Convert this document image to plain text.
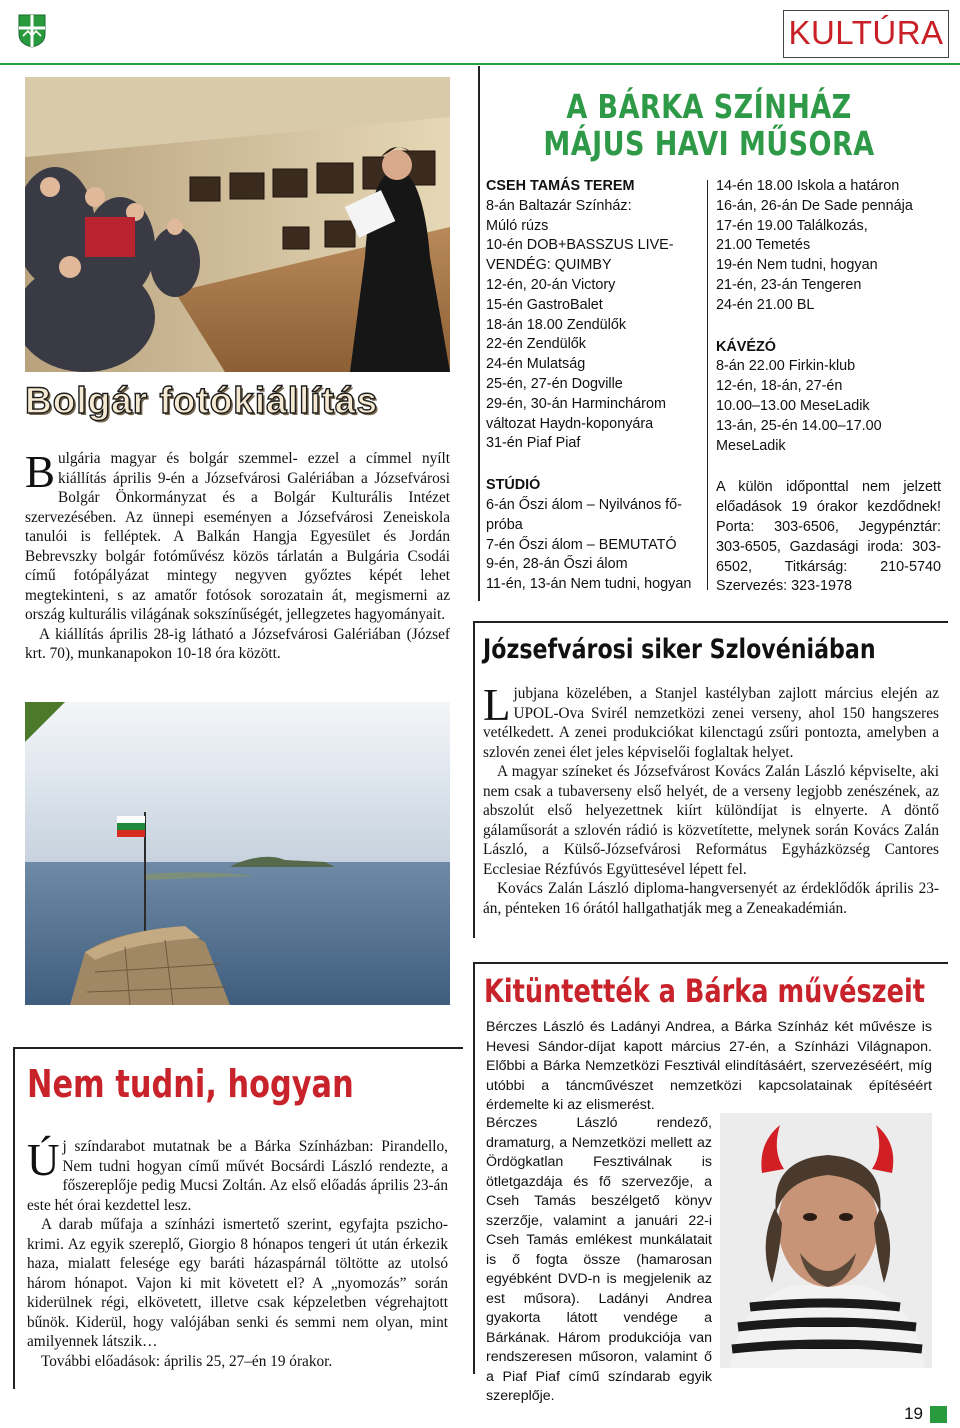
KULTÚRA
Bolgár fotókiállítás
B ulgária magyar és bolgár szemmel- ezzel a címmel nyílt kiállítás április 9-én a Józsefvárosi Galériában a Józsefvárosi Bolgár Önkormányzat és a Bolgár Kulturális Intézet szervezésében. Az ünnepi eseményen a Józsefvárosi Zeneiskola tanulói is felléptek. A Balkán Hangja Egyesület és Jordán Bebrevszky bolgár fotóművész közös tárlatán a Bulgária Csodái című fotópályázat mintegy negyven győztes képét lehet megtekinteni, s az amatőr fotósok sorozatain át, megismerni az ország kulturális világának sokszínűségét, jellegzetes hagyományait.
A kiállítás április 28-ig látható a Józsefvárosi Galériában (József krt. 70), munkanapokon 10-18 óra között.
A BÁRKA SZÍNHÁZ
MÁJUS HAVI MŰSORA
CSEH TAMÁS TEREM
8-án Baltazár Színház:
Múló rúzs
10-én DOB+BASSZUS LIVE-
VENDÉG: QUIMBY
12-én, 20-án Victory
15-én GastroBalet
18-án 18.00 Zendülők
22-én Zendülők
24-én Mulatság
25-én, 27-én Dogville
29-én, 30-án Harminchárom
változat Haydn-koponyára
31-én Piaf Piaf
STÚDIÓ
6-án Őszi álom – Nyilvános fő-
próba
7-én Őszi álom – BEMUTATÓ
9-én, 28-án Őszi álom
11-én, 13-án Nem tudni, hogyan
14-én 18.00 Iskola a határon
16-án, 26-án De Sade pennája
17-én 19.00 Találkozás,
21.00 Temetés
19-én Nem tudni, hogyan
21-én, 23-án Tengeren
24-én 21.00 BL
KÁVÉZÓ
8-án 22.00 Firkin-klub
12-én, 18-án, 27-én
10.00–13.00 MeseLadik
13-án, 25-én 14.00–17.00
MeseLadik
A külön időponttal nem jelzett előadások 19 órakor kezdődnek! Porta: 303-6506, Jegypénztár: 303-6505, Gazdasági iroda: 303-6502, Titkárság: 210-5740 Szervezés: 323-1978
Józsefvárosi siker Szlovéniában
L jubjana közelében, a Stanjel kastélyban zajlott március elején az UPOL-Ova Svirél nemzetközi zenei verseny, ahol 150 hangszeres vetélkedett. A zenei produkciókat kilenctagú zsűri pontozta, amelyben a szlovén zenei élet jeles képviselői foglaltak helyet.
A magyar színeket és Józsefvárost Kovács Zalán László képviselte, aki nem csak a tubaverseny első helyét, de a verseny legjobb zenészének, az abszolút első helyezettnek kiírt különdíjat is elnyerte. A döntő gálaműsorát a szlovén rádió is közvetítette, melynek során Kovács Zalán László, a Külső-Józsefvárosi Református Egyházközség Cantores Ecclesiae Rézfúvós Együttesével lépett fel.
Kovács Zalán László diploma-hangversenyét az érdeklődők április 23-án, pénteken 16 órától hallgathatják meg a Zeneakadémián.
Nem tudni, hogyan
Ú j színdarabot mutatnak be a Bárka Színházban: Pirandello, Nem tudni hogyan című művét Bocsárdi László rendezte, a főszereplője pedig Mucsi Zoltán. Az első előadás április 23-án este hét órai kezdettel lesz.
A darab műfaja a színházi ismertető szerint, egyfajta pszicho-krimi. Az egyik szereplő, Giorgio 8 hónapos tengeri út után érkezik haza, mialatt felesége egy baráti házaspárnál töltötte az utolsó három hónapot. Vajon ki mit követett el? A „nyomozás” során kiderülnek régi, elkövetett, illetve csak képzeletben végrehajtott bűnök. Kiderül, hogy valójában senki és semmi nem olyan, mint amilyennek látszik…
További előadások: április 25, 27–én 19 órakor.
Kitüntették a Bárka művészeit
Bérczes László és Ladányi Andrea, a Bárka Színház két művésze is Hevesi Sándor-díjat kapott március 27-én, a Színházi Világnapon. Előbbi a Bárka Nemzetközi Fesztivál elindításáért, szervezéséért, míg utóbbi a táncművészet nemzetközi kapcsolatainak építéséért érdemelte ki az elismerést.
Bérczes László rendező, dramaturg, a Nemzetközi mellett az Ördögkatlan Fesztiválnak is ötletgazdája és fő szervezője, a Cseh Tamás beszélgető könyv szerzője, valamint a januári 22-i Cseh Tamás emlékest munkálatait is ő fogta össze (hamarosan egyébként DVD-n is megjelenik az est műsora). Ladányi Andrea gyakorta látott vendége a Bárkának. Három produkciója van rendszeresen műsoron, valamint ő a Piaf Piaf című színdarab egyik szereplője.
19
